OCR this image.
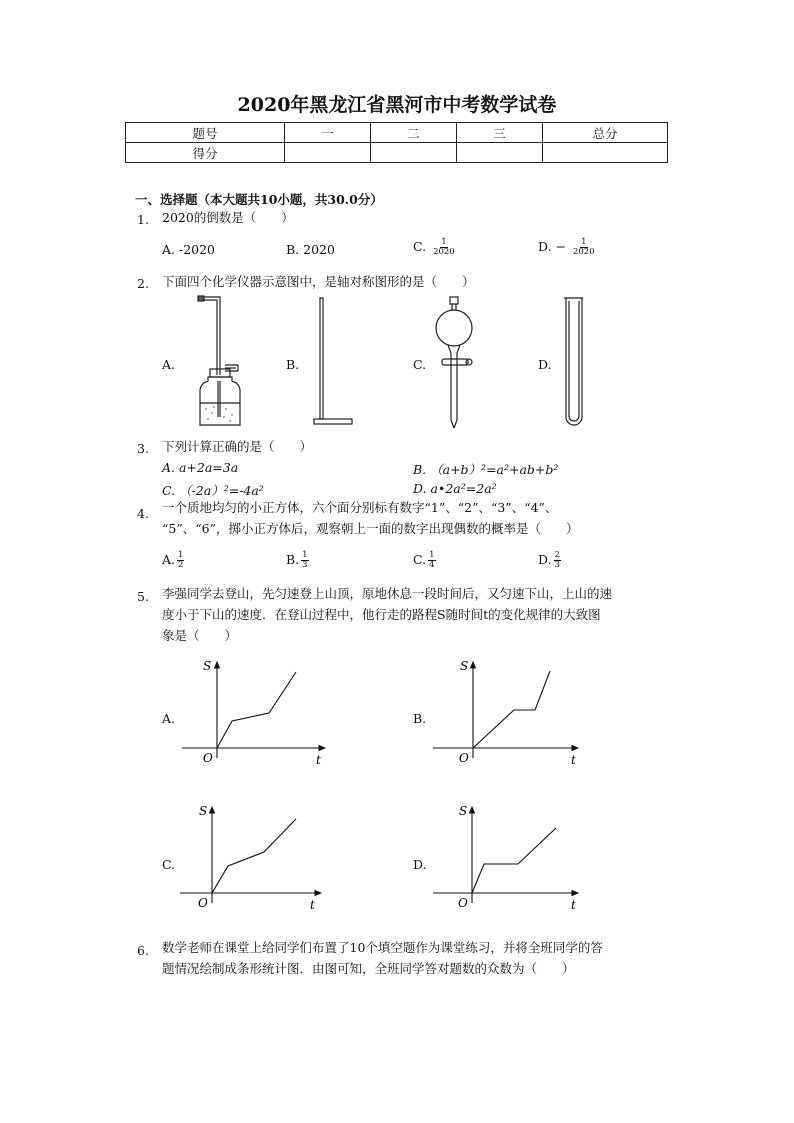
2020年黑龙江省黑河市中考数学试卷
题号	一	二	三	总分
得分				
一、选择题（本大题共10小题，共30.0分）
1. 2020的倒数是（　　）
A. -2020	B. 2020	C. $\frac{1}{2020}$	D. − $\frac{1}{2020}$
2. 下面四个化学仪器示意图中，是轴对称图形的是（　　）
A.	B.	C.	D.
3. 下列计算正确的是（　　）
A. a+2a=3a	B. （a+b）²=a²+ab+b²
C. （-2a）²=-4a²	D. a•2a²=2a²
4. 一个质地均匀的小正方体，六个面分别标有数字“1”、“2”、“3”、“4”、
“5”、“6”，掷小正方体后，观察朝上一面的数字出现偶数的概率是（　　）
A. $\frac{1}{2}$	B. $\frac{1}{3}$	C. $\frac{1}{4}$	D. $\frac{2}{3}$
5. 李强同学去登山，先匀速登上山顶，原地休息一段时间后，又匀速下山，上山的速
度小于下山的速度．在登山过程中，他行走的路程S随时间t的变化规律的大致图
象是（　　）
A.	B.
C.	D.
S
t
O
S
t
O
S
t
O
S
t
O
6. 数学老师在课堂上给同学们布置了10个填空题作为课堂练习，并将全班同学的答
题情况绘制成条形统计图．由图可知，全班同学答对题数的众数为（　　）
